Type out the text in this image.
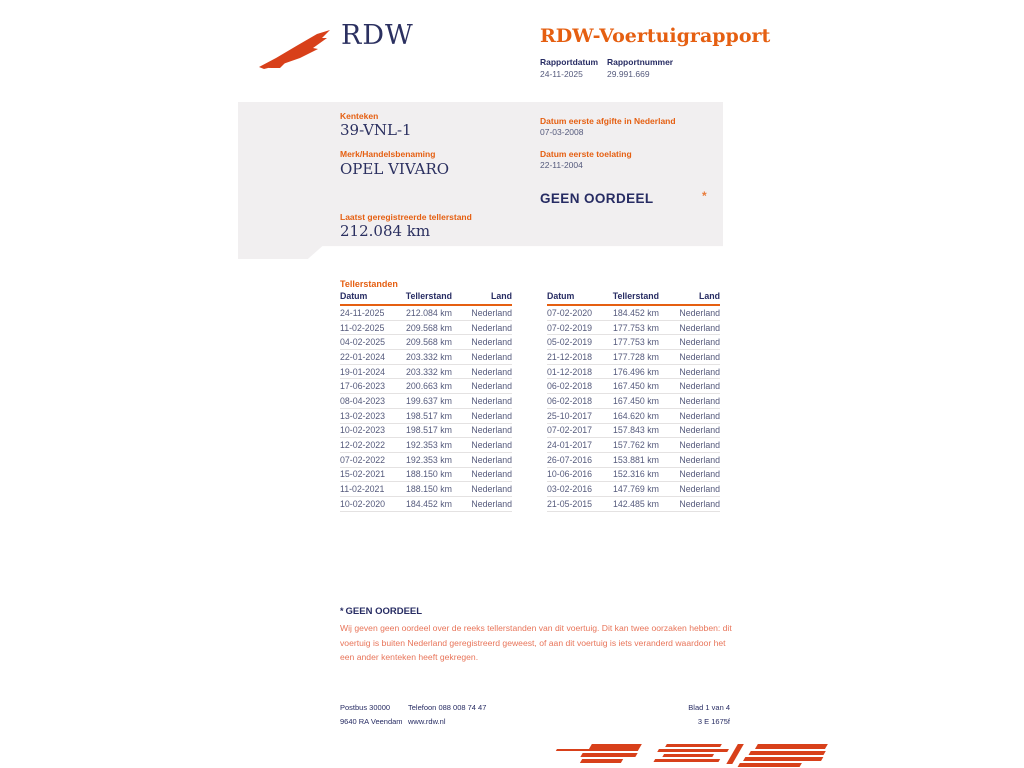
RDW	RDW-Voertuigrapport
Rapportdatum Rapportnummer
24-11-2025	29.991.669
Kenteken
39-VNL-1
Merk/Handelsbenaming
OPEL VIVARO
Laatst geregistreerde tellerstand
212.084 km
Datum eerste afgifte in Nederland
07-03-2008
Datum eerste toelating
22-11-2004
GEEN OORDEEL	*
Tellerstanden
Datum	Tellerstand	Land
24-11-2025	212.084 km	Nederland
11-02-2025	209.568 km	Nederland
04-02-2025	209.568 km	Nederland
22-01-2024	203.332 km	Nederland
19-01-2024	203.332 km	Nederland
17-06-2023	200.663 km	Nederland
08-04-2023	199.637 km	Nederland
13-02-2023	198.517 km	Nederland
10-02-2023	198.517 km	Nederland
12-02-2022	192.353 km	Nederland
07-02-2022	192.353 km	Nederland
15-02-2021	188.150 km	Nederland
11-02-2021	188.150 km	Nederland
10-02-2020	184.452 km	Nederland
Datum	Tellerstand	Land
07-02-2020	184.452 km	Nederland
07-02-2019	177.753 km	Nederland
05-02-2019	177.753 km	Nederland
21-12-2018	177.728 km	Nederland
01-12-2018	176.496 km	Nederland
06-02-2018	167.450 km	Nederland
06-02-2018	167.450 km	Nederland
25-10-2017	164.620 km	Nederland
07-02-2017	157.843 km	Nederland
24-01-2017	157.762 km	Nederland
26-07-2016	153.881 km	Nederland
10-06-2016	152.316 km	Nederland
03-02-2016	147.769 km	Nederland
21-05-2015	142.485 km	Nederland
* GEEN OORDEEL
Wij geven geen oordeel over de reeks tellerstanden van dit voertuig. Dit kan twee oorzaken hebben: dit voertuig is buiten Nederland geregistreerd geweest, of aan dit voertuig is iets veranderd waardoor het een ander kenteken heeft gekregen.
Postbus 30000
9640 RA Veendam
Telefoon 088 008 74 47
www.rdw.nl
Blad 1 van 4
3 E 1675f
